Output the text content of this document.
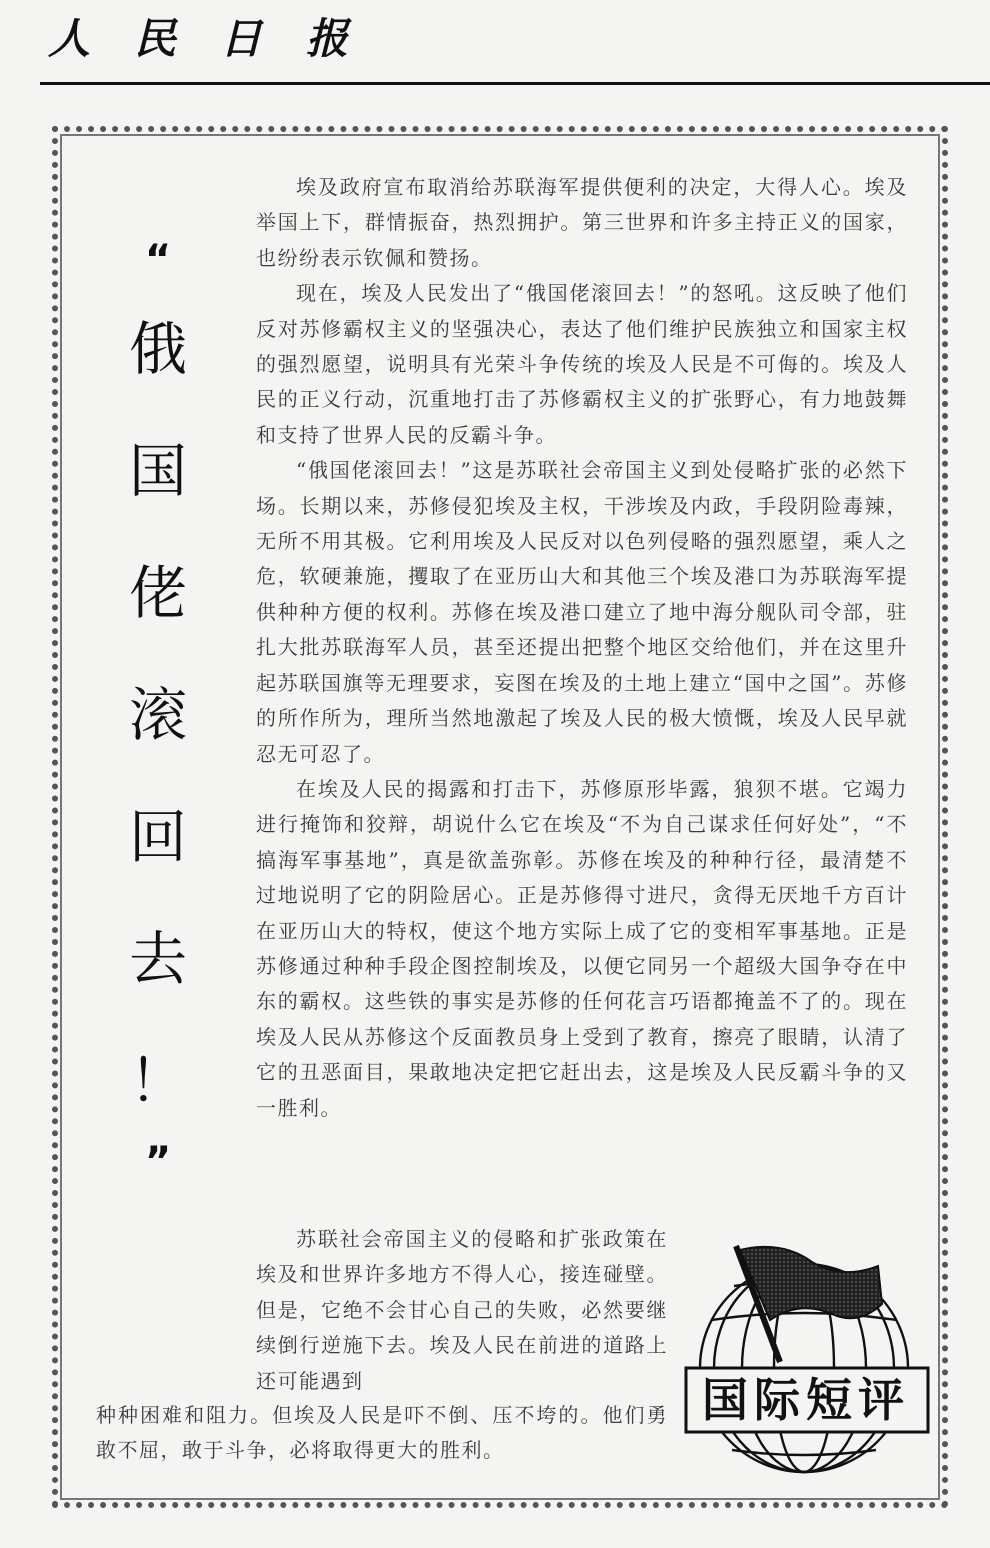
人民日报
“
俄
国
佬
滚
回
去
！
”

埃及政府宣布取消给苏联海军提供便利的决定，大得人心。埃及举国上下，群情振奋，热烈拥护。第三世界和许多主持正义的国家，也纷纷表示钦佩和赞扬。

现在，埃及人民发出了“俄国佬滚回去！”的怒吼。这反映了他们反对苏修霸权主义的坚强决心，表达了他们维护民族独立和国家主权的强烈愿望，说明具有光荣斗争传统的埃及人民是不可侮的。埃及人民的正义行动，沉重地打击了苏修霸权主义的扩张野心，有力地鼓舞和支持了世界人民的反霸斗争。

“俄国佬滚回去！”这是苏联社会帝国主义到处侵略扩张的必然下场。长期以来，苏修侵犯埃及主权，干涉埃及内政，手段阴险毒辣，无所不用其极。它利用埃及人民反对以色列侵略的强烈愿望，乘人之危，软硬兼施，攫取了在亚历山大和其他三个埃及港口为苏联海军提供种种方便的权利。苏修在埃及港口建立了地中海分舰队司令部，驻扎大批苏联海军人员，甚至还提出把整个地区交给他们，并在这里升起苏联国旗等无理要求，妄图在埃及的土地上建立“国中之国”。苏修的所作所为，理所当然地激起了埃及人民的极大愤慨，埃及人民早就忍无可忍了。

在埃及人民的揭露和打击下，苏修原形毕露，狼狈不堪。它竭力进行掩饰和狡辩，胡说什么它在埃及“不为自己谋求任何好处”，“不搞海军事基地”，真是欲盖弥彰。苏修在埃及的种种行径，最清楚不过地说明了它的阴险居心。正是苏修得寸进尺，贪得无厌地千方百计在亚历山大的特权，使这个地方实际上成了它的变相军事基地。正是苏修通过种种手段企图控制埃及，以便它同另一个超级大国争夺在中东的霸权。这些铁的事实是苏修的任何花言巧语都掩盖不了的。现在埃及人民从苏修这个反面教员身上受到了教育，擦亮了眼睛，认清了它的丑恶面目，果敢地决定把它赶出去，这是埃及人民反霸斗争的又一胜利。

苏联社会帝国主义的侵略和扩张政策在埃及和世界许多地方不得人心，接连碰壁。但是，它绝不会甘心自己的失败，必然要继续倒行逆施下去。埃及人民在前进的道路上还可能遇到
种种困难和阻力。但埃及人民是吓不倒、压不垮的。他们勇敢不屈，敢于斗争，必将取得更大的胜利。
国际短评
